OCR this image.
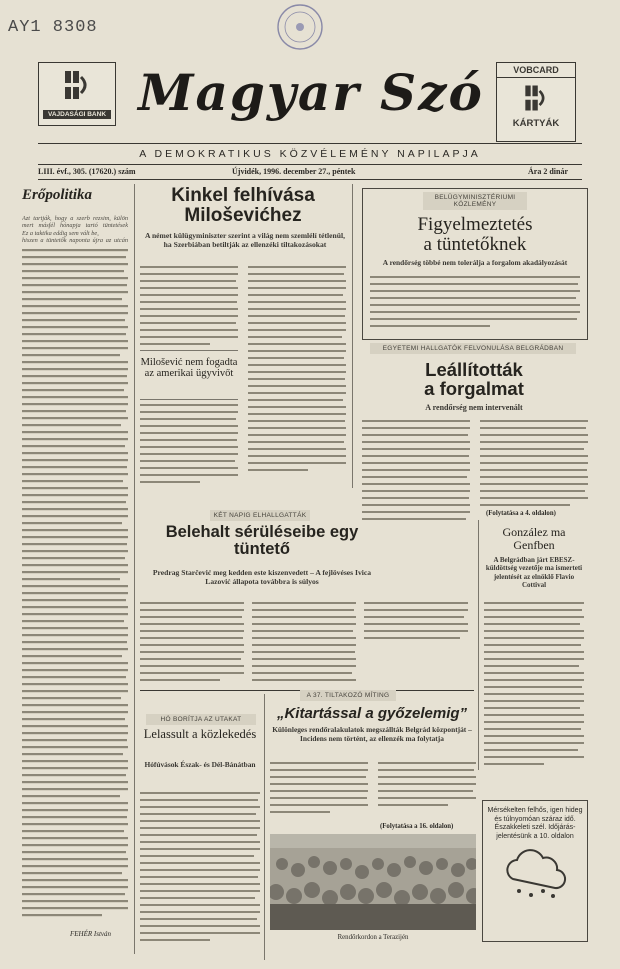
AY1 8308
VAJDASÁGI BANK Magyar Szó	VOBCARD
KÁRTYÁK
A DEMOKRATIKUS KÖZVÉLEMÉNY NAPILAPJA
LIII. évf., 305. (17620.) szám	Újvidék, 1996. december 27., péntek	Ára 2 dinár
Erőpolitika
Azt tartják, hogy a szerb rezsim, külön
mert másfél hónapja tartó tüntetések
Ez a taktika eddig sem vált be,
hiszen a tüntetők naponta újra az utcán
FEHÉR István
Kinkel felhívása
Miloševićhez
A német külügyminiszter szerint a világ nem szemlélí tétlenül, ha Szerbiában betiltják az ellenzéki tiltakozásokat
Milošević nem fogadta az amerikai ügyvivőt
BELÜGYMINISZTÉRIUMI KÖZLEMÉNY
Figyelmeztetés
a tüntetőknek
A rendőrség többé nem tolerálja a forgalom akadályozását
EGYETEMI HALLGATÓK FELVONULÁSA BELGRÁDBAN
Leállították
a forgalmat
A rendőrség nem intervenált
(Folytatása a 4. oldalon)
KÉT NAPIG ELHALLGATTÁK
Belehalt sérüléseibe egy tüntető
Predrag Starčević meg kedden este kiszenvedett – A fejlövéses Ivica Lazović állapota továbbra is súlyos
HÓ BORÍTJA AZ UTAKAT
Lelassult a közlekedés
Hófúvások Észak- és Dél-Bánátban
A 37. TILTAKOZÓ MÍTING
„Kitartással a győzelemig”
Különleges rendőralakulatok megszállták Belgrád központját – Incidens nem történt, az ellenzék ma folytatja
(Folytatása a 16. oldalon)
Rendőrkordon a Terazijén
González ma Genfben
A Belgrádban járt EBESZ-küldöttség vezetője ma ismerteti jelentését az elnöklő Flavio Cottival
Mérsékelten felhős, igen hideg és túlnyomóan száraz idő. Északkeleti szél. Időjárás-jelentésünk a 10. oldalon
